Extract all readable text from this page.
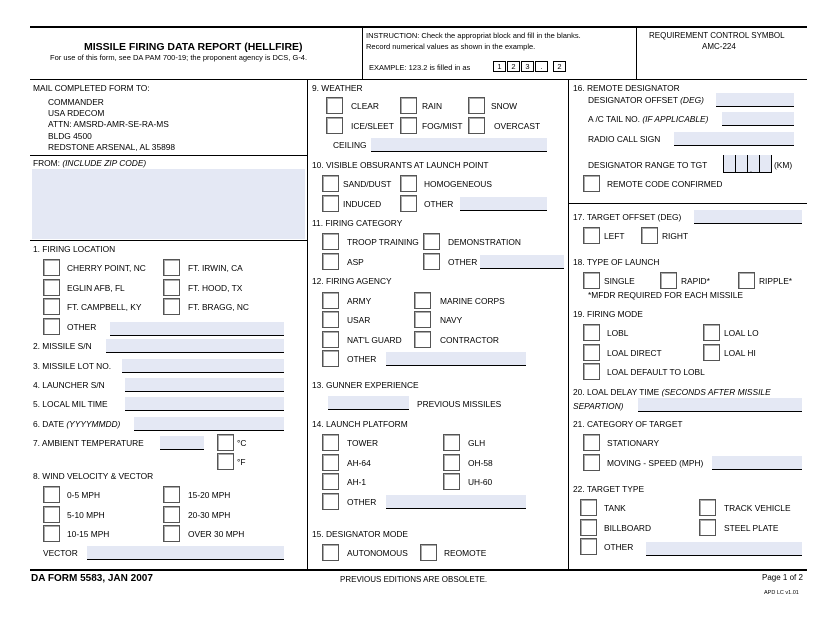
MISSILE FIRING DATA REPORT (HELLFIRE)
For use of this form, see DA PAM 700-19; the proponent agency is DCS, G-4.
INSTRUCTION: Check the appropriat block and fill in the blanks.
Record numerical values as shown in the example.
EXAMPLE: 123.2 is filled in as	1	2	3	.	2
REQUIREMENT CONTROL SYMBOL
AMC-224
MAIL COMPLETED FORM TO:
COMMANDER
USA RDECOM
ATTN: AMSRD-AMR-SE-RA-MS
BLDG 4500
REDSTONE ARSENAL, AL 35898
FROM: (INCLUDE ZIP CODE)
1. FIRING LOCATION
CHERRY POINT, NC	FT. IRWIN, CA
EGLIN AFB, FL	FT. HOOD, TX
FT. CAMPBELL, KY	FT. BRAGG, NC
OTHER
2. MISSILE S/N
3. MISSILE LOT NO.
4. LAUNCHER S/N
5. LOCAL MIL TIME
6. DATE (YYYYMMDD)
7. AMBIENT TEMPERATURE	°C
°F
8. WIND VELOCITY & VECTOR
0-5 MPH	15-20 MPH
5-10 MPH	20-30 MPH
10-15 MPH	OVER 30 MPH
VECTOR
9. WEATHER
CLEAR	RAIN	SNOW
ICE/SLEET	FOG/MIST	OVERCAST
CEILING
10. VISIBLE OBSURANTS AT LAUNCH POINT
SAND/DUST	HOMOGENEOUS
INDUCED	OTHER
11. FIRING CATEGORY
TROOP TRAINING	DEMONSTRATION
ASP	OTHER
12. FIRING AGENCY
ARMY	MARINE CORPS
USAR	NAVY
NAT'L GUARD	CONTRACTOR
OTHER
13. GUNNER EXPERIENCE
PREVIOUS MISSILES
14. LAUNCH PLATFORM
TOWER	GLH
AH-64	OH-58
AH-1	UH-60
OTHER
15. DESIGNATOR MODE
AUTONOMOUS	REOMOTE
16. REMOTE DESIGNATOR
DESIGNATOR OFFSET (DEG)
A /C TAIL NO. (IF APPLICABLE)
RADIO CALL SIGN
DESIGNATOR RANGE TO TGT
.
(KM)
REMOTE CODE CONFIRMED
17. TARGET OFFSET (DEG)
LEFT	RIGHT
18. TYPE OF LAUNCH
SINGLE	RAPID*	RIPPLE*
*MFDR REQUIRED FOR EACH MISSILE
19. FIRING MODE
LOBL	LOAL LO
LOAL DIRECT	LOAL HI
LOAL DEFAULT TO LOBL
20. LOAL DELAY TIME (SECONDS AFTER MISSILE
SEPARTION)
21. CATEGORY OF TARGET
STATIONARY
MOVING - SPEED (MPH)
22. TARGET TYPE
TANK	TRACK VEHICLE
BILLBOARD	STEEL PLATE
OTHER
DA FORM 5583, JAN 2007	PREVIOUS EDITIONS ARE OBSOLETE.	Page 1 of 2
APD LC v1.01
